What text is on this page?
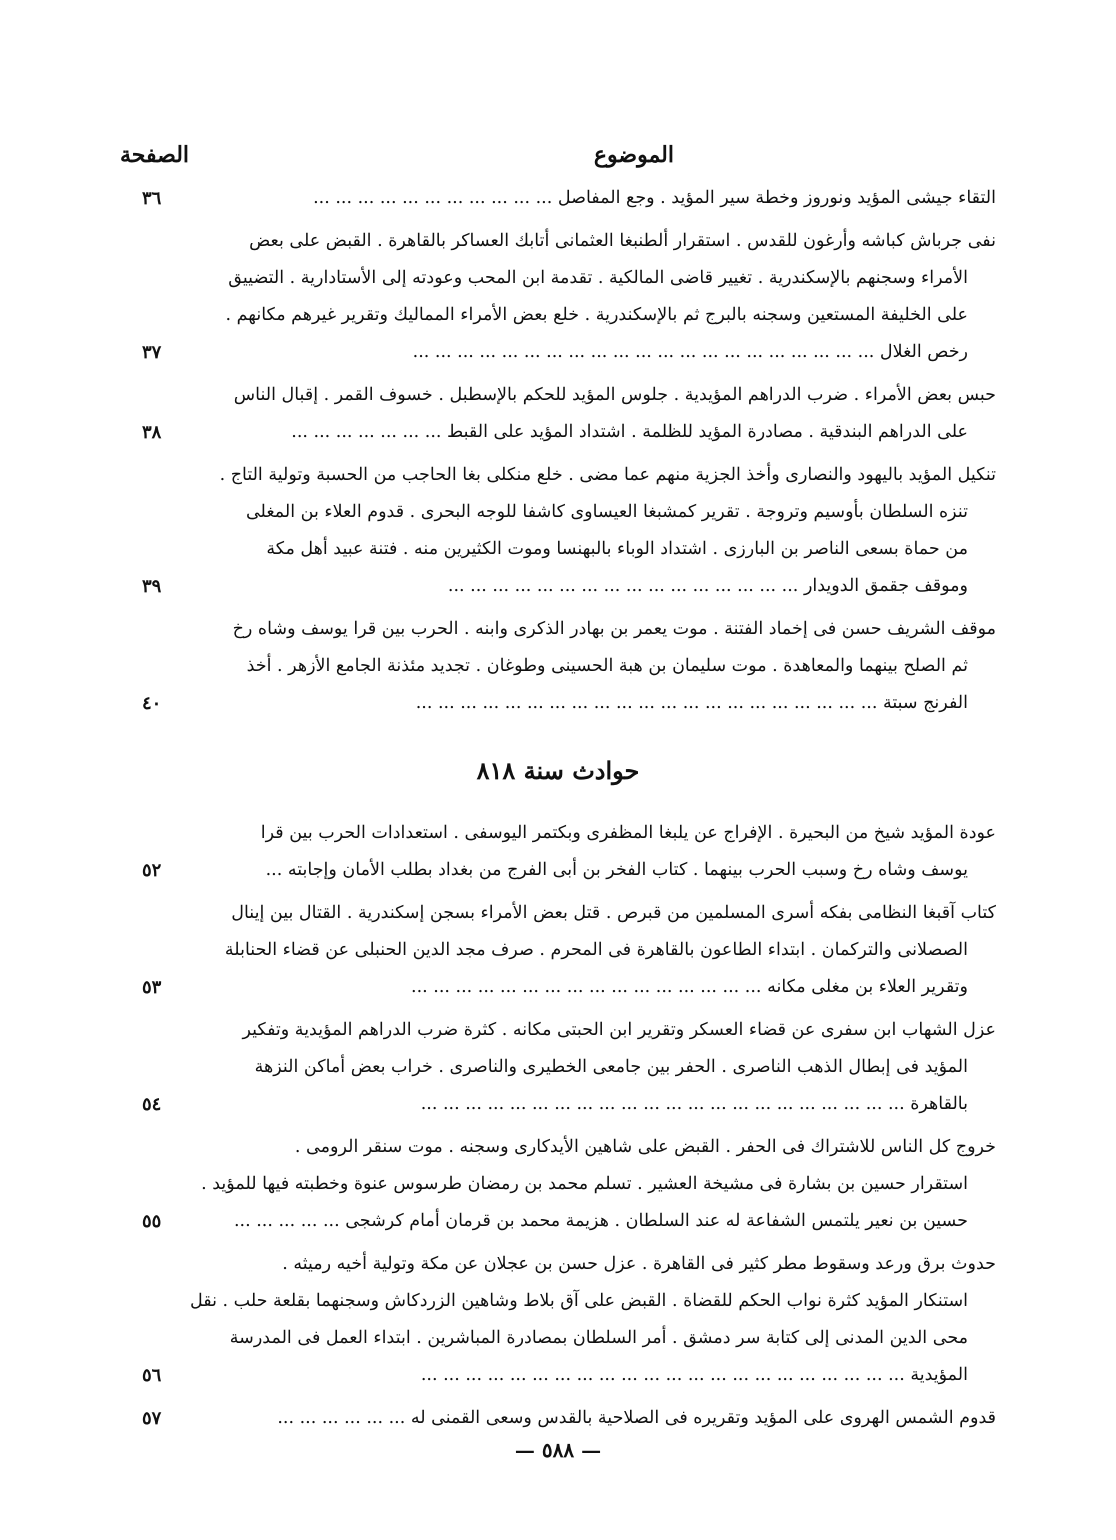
الموضوع
الصفحة
التقاء جيشى المؤيد ونوروز وخطة سير المؤيد . وجع المفاصل ... ... ... ... ... ... ... ... ... ... ...
٣٦
نفى جرباش كباشه وأرغون للقدس . استقرار ألطنبغا العثمانى أتابك العساكر بالقاهرة . القبض على بعض
الأمراء وسجنهم بالإسكندرية . تغيير قاضى المالكية . تقدمة ابن المحب وعودته إلى الأستادارية . التضييق
على الخليفة المستعين وسجنه بالبرج ثم بالإسكندرية . خلع بعض الأمراء المماليك وتقرير غيرهم مكانهم .
رخص الغلال ... ... ... ... ... ... ... ... ... ... ... ... ... ... ... ... ... ... ... ... ...
٣٧
حبس بعض الأمراء . ضرب الدراهم المؤيدية . جلوس المؤيد للحكم بالإسطبل . خسوف القمر . إقبال الناس
على الدراهم البندقية . مصادرة المؤيد للظلمة . اشتداد المؤيد على القبط ... ... ... ... ... ... ...
٣٨
تنكيل المؤيد باليهود والنصارى وأخذ الجزية منهم عما مضى . خلع منكلى بغا الحاجب من الحسبة وتولية التاج .
تنزه السلطان بأوسيم وتروجة . تقرير كمشبغا العيساوى كاشفا للوجه البحرى . قدوم العلاء بن المغلى
من حماة بسعى الناصر بن البارزى . اشتداد الوباء بالبهنسا وموت الكثيرين منه . فتنة عبيد أهل مكة
وموقف جقمق الدويدار ... ... ... ... ... ... ... ... ... ... ... ... ... ... ... ...
٣٩
موقف الشريف حسن فى إخماد الفتنة . موت يعمر بن بهادر الذكرى وابنه . الحرب بين قرا يوسف وشاه رخ
ثم الصلح بينهما والمعاهدة . موت سليمان بن هبة الحسينى وطوغان . تجديد مئذنة الجامع الأزهر . أخذ
الفرنج سبتة ... ... ... ... ... ... ... ... ... ... ... ... ... ... ... ... ... ... ... ... ...
٤٠
حوادث سنة ٨١٨
عودة المؤيد شيخ من البحيرة . الإفراج عن يلبغا المظفرى وبكتمر اليوسفى . استعدادات الحرب بين قرا
يوسف وشاه رخ وسبب الحرب بينهما . كتاب الفخر بن أبى الفرج من بغداد بطلب الأمان وإجابته ...
٥٢
كتاب آقبغا النظامى بفكه أسرى المسلمين من قبرص . قتل بعض الأمراء بسجن إسكندرية . القتال بين إينال
الصصلانى والتركمان . ابتداء الطاعون بالقاهرة فى المحرم . صرف مجد الدين الحنبلى عن قضاء الحنابلة
وتقرير العلاء بن مغلى مكانه ... ... ... ... ... ... ... ... ... ... ... ... ... ... ... ...
٥٣
عزل الشهاب ابن سفرى عن قضاء العسكر وتقرير ابن الحبتى مكانه . كثرة ضرب الدراهم المؤيدية وتفكير
المؤيد فى إبطال الذهب الناصرى . الحفر بين جامعى الخطيرى والناصرى . خراب بعض أماكن النزهة
بالقاهرة ... ... ... ... ... ... ... ... ... ... ... ... ... ... ... ... ... ... ... ... ... ...
٥٤
خروج كل الناس للاشتراك فى الحفر . القبض على شاهين الأيدكارى وسجنه . موت سنقر الرومى .
استقرار حسين بن بشارة فى مشيخة العشير . تسلم محمد بن رمضان طرسوس عنوة وخطبته فيها للمؤيد .
حسين بن نعير يلتمس الشفاعة له عند السلطان . هزيمة محمد بن قرمان أمام كرشجى ... ... ... ... ...
٥٥
حدوث برق ورعد وسقوط مطر كثير فى القاهرة . عزل حسن بن عجلان عن مكة وتولية أخيه رميثه .
استنكار المؤيد كثرة نواب الحكم للقضاة . القبض على آق بلاط وشاهين الزردكاش وسجنهما بقلعة حلب . نقل
محى الدين المدنى إلى كتابة سر دمشق . أمر السلطان بمصادرة المباشرين . ابتداء العمل فى المدرسة
المؤيدية ... ... ... ... ... ... ... ... ... ... ... ... ... ... ... ... ... ... ... ... ... ...
٥٦
قدوم الشمس الهروى على المؤيد وتقريره فى الصلاحية بالقدس وسعى القمنى له ... ... ... ... ... ...
٥٧
— ٥٨٨ —
